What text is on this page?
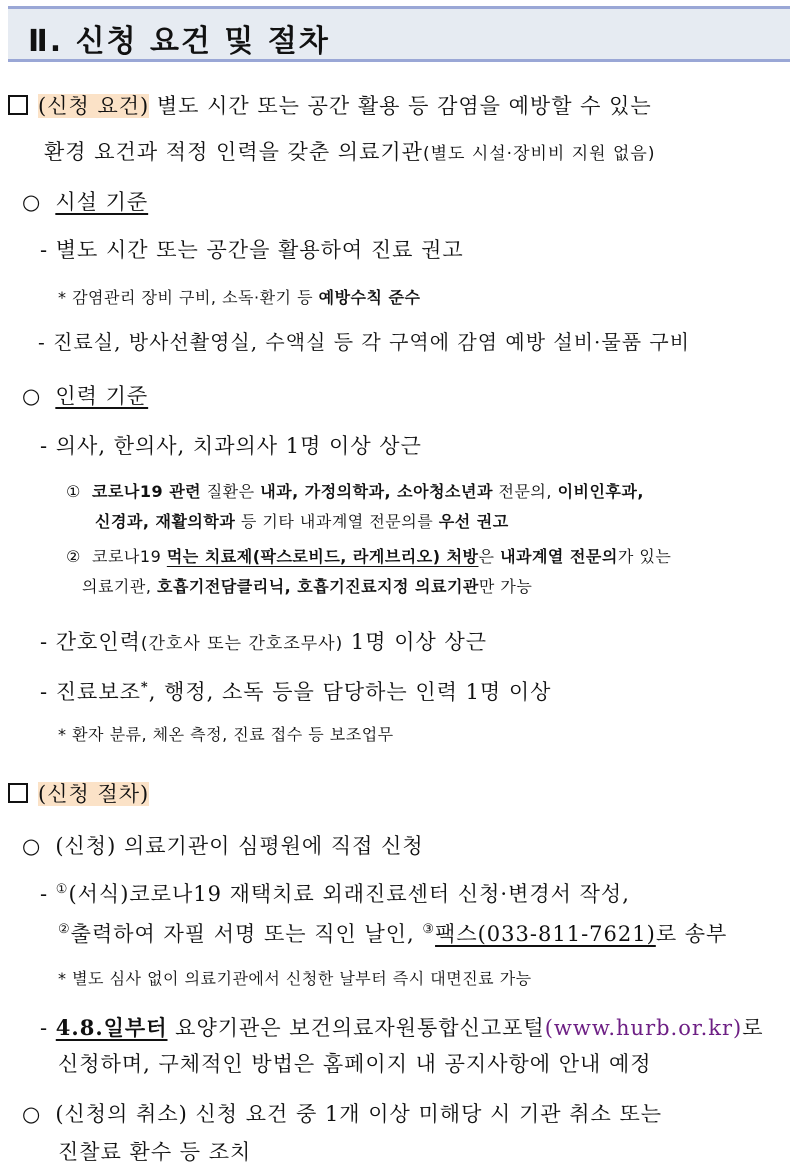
Ⅱ. 신청 요건 및 절차
(신청 요건) 별도 시간 또는 공간 활용 등 감염을 예방할 수 있는
환경 요건과 적정 인력을 갖춘 의료기관(별도 시설·장비비 지원 없음)
○ 시설 기준
- 별도 시간 또는 공간을 활용하여 진료 권고
* 감염관리 장비 구비, 소독·환기 등 예방수칙 준수
- 진료실, 방사선촬영실, 수액실 등 각 구역에 감염 예방 설비·물품 구비
○ 인력 기준
- 의사, 한의사, 치과의사 1명 이상 상근
① 코로나19 관련 질환은 내과, 가정의학과, 소아청소년과 전문의, 이비인후과,
신경과, 재활의학과 등 기타 내과계열 전문의를 우선 권고
② 코로나19 먹는 치료제(팍스로비드, 라게브리오) 처방은 내과계열 전문의가 있는
의료기관, 호흡기전담클리닉, 호흡기진료지정 의료기관만 가능
- 간호인력(간호사 또는 간호조무사) 1명 이상 상근
- 진료보조*, 행정, 소독 등을 담당하는 인력 1명 이상
* 환자 분류, 체온 측정, 진료 접수 등 보조업무
(신청 절차)
○ (신청) 의료기관이 심평원에 직접 신청
- ①(서식)코로나19 재택치료 외래진료센터 신청·변경서 작성,
②출력하여 자필 서명 또는 직인 날인, ③팩스(033-811-7621)로 송부
* 별도 심사 없이 의료기관에서 신청한 날부터 즉시 대면진료 가능
- 4.8.일부터 요양기관은 보건의료자원통합신고포털(www.hurb.or.kr)로
신청하며, 구체적인 방법은 홈페이지 내 공지사항에 안내 예정
○ (신청의 취소) 신청 요건 중 1개 이상 미해당 시 기관 취소 또는
진찰료 환수 등 조치
